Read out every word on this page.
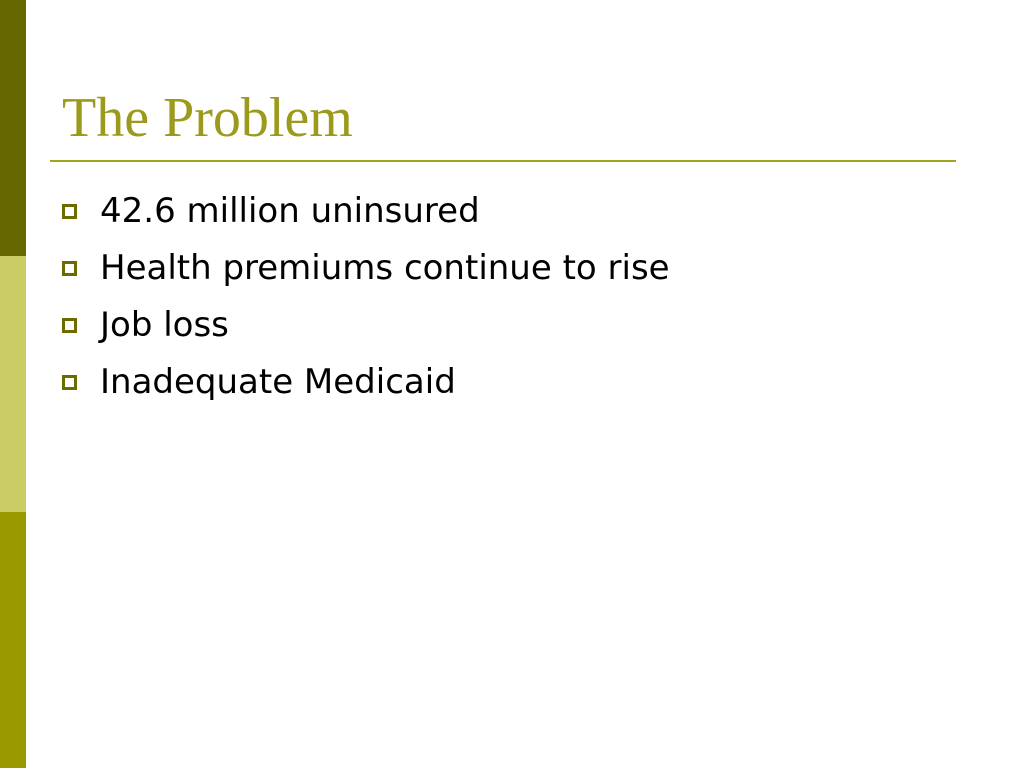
The Problem
42.6 million uninsured
Health premiums continue to rise
Job loss
Inadequate Medicaid
